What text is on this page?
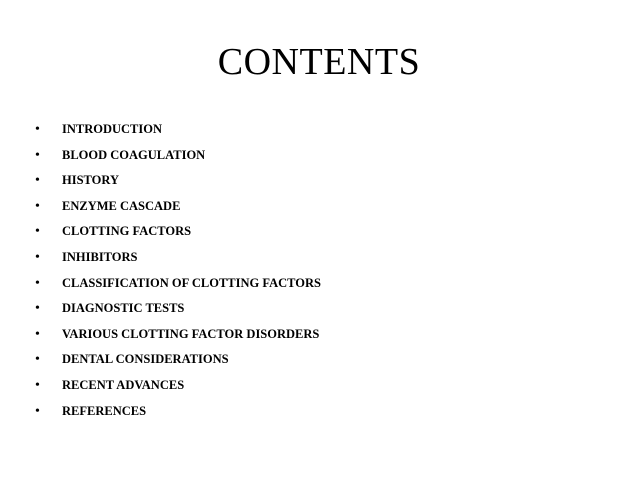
CONTENTS
• INTRODUCTION
• BLOOD COAGULATION
• HISTORY
• ENZYME CASCADE
• CLOTTING FACTORS
• INHIBITORS
• CLASSIFICATION OF CLOTTING FACTORS
• DIAGNOSTIC TESTS
• VARIOUS CLOTTING FACTOR DISORDERS
• DENTAL CONSIDERATIONS
• RECENT ADVANCES
• REFERENCES
